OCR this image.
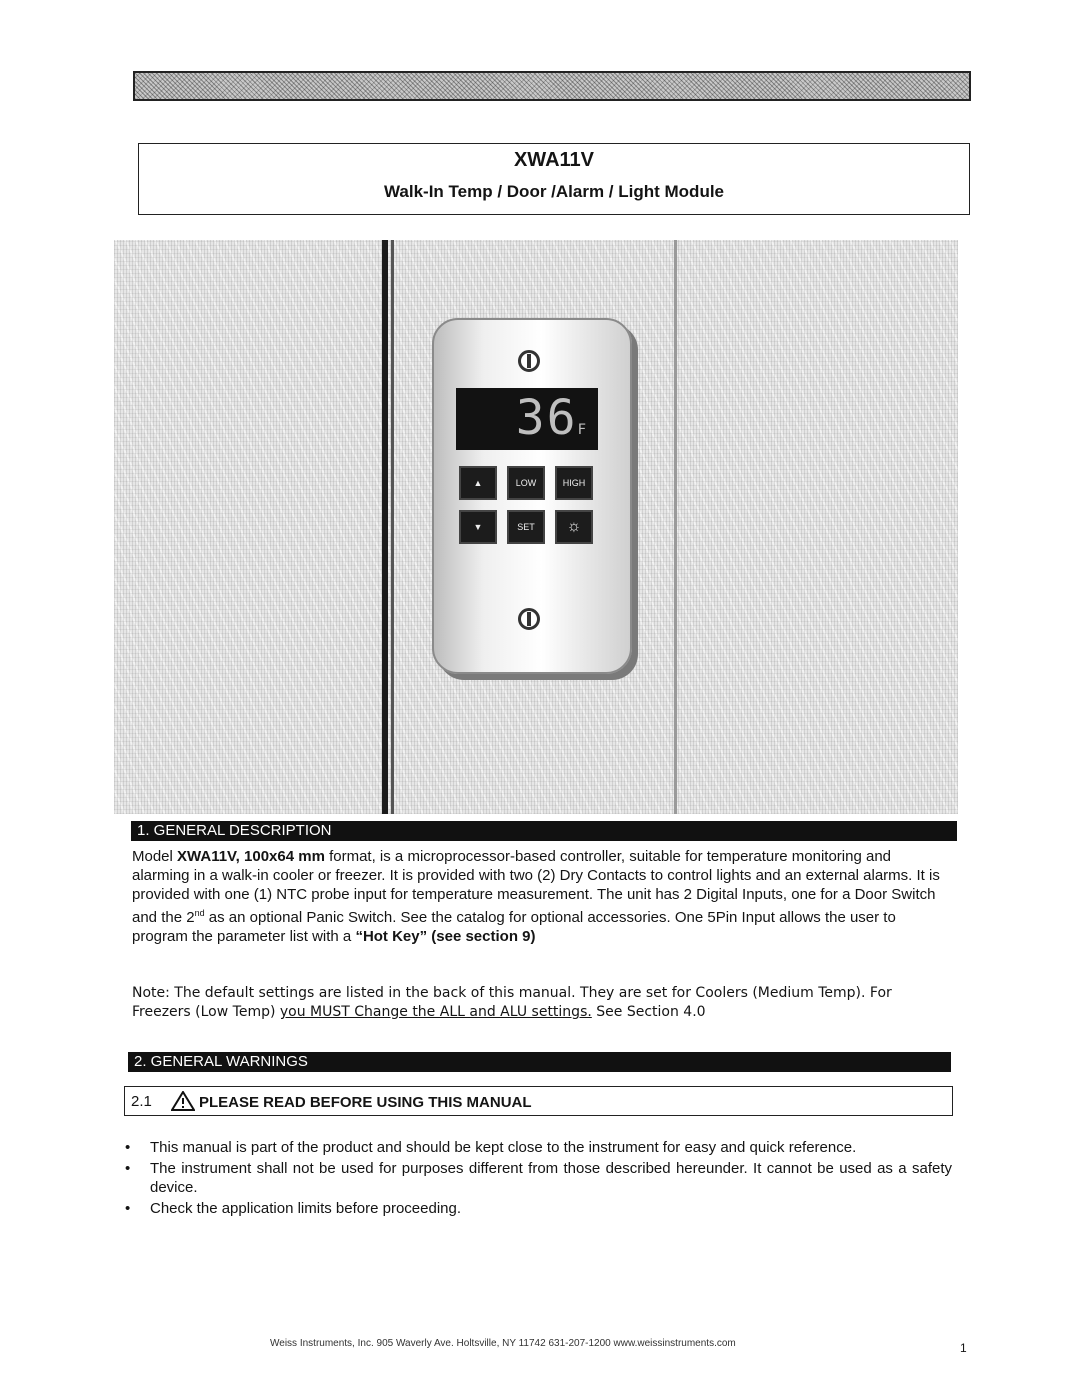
XWA11V
Walk-In Temp / Door /Alarm / Light Module
36F
▲	LOW	HIGH
▼	SET	☼
1. GENERAL DESCRIPTION

Model XWA11V, 100x64 mm format, is a microprocessor-based controller, suitable for temperature monitoring and alarming in a walk-in cooler or freezer. It is provided with two (2) Dry Contacts to control lights and an external alarms. It is provided with one (1) NTC probe input for temperature measurement. The unit has 2 Digital Inputs, one for a Door Switch and the 2nd as an optional Panic Switch. See the catalog for optional accessories. One 5Pin Input allows the user to program the parameter list with a “Hot Key” (see section 9)

Note: The default settings are listed in the back of this manual. They are set for Coolers (Medium Temp). For Freezers (Low Temp) you MUST Change the ALL and ALU settings. See Section 4.0

2. GENERAL WARNINGS
2.1	PLEASE READ BEFORE USING THIS MANUAL
• This manual is part of the product and should be kept close to the instrument for easy and quick reference.
• The instrument shall not be used for purposes different from those described hereunder. It cannot be used as a safety device.
• Check the application limits before proceeding.
Weiss Instruments, Inc. 905 Waverly Ave. Holtsville, NY 11742 631-207-1200 www.weissinstruments.com	1
